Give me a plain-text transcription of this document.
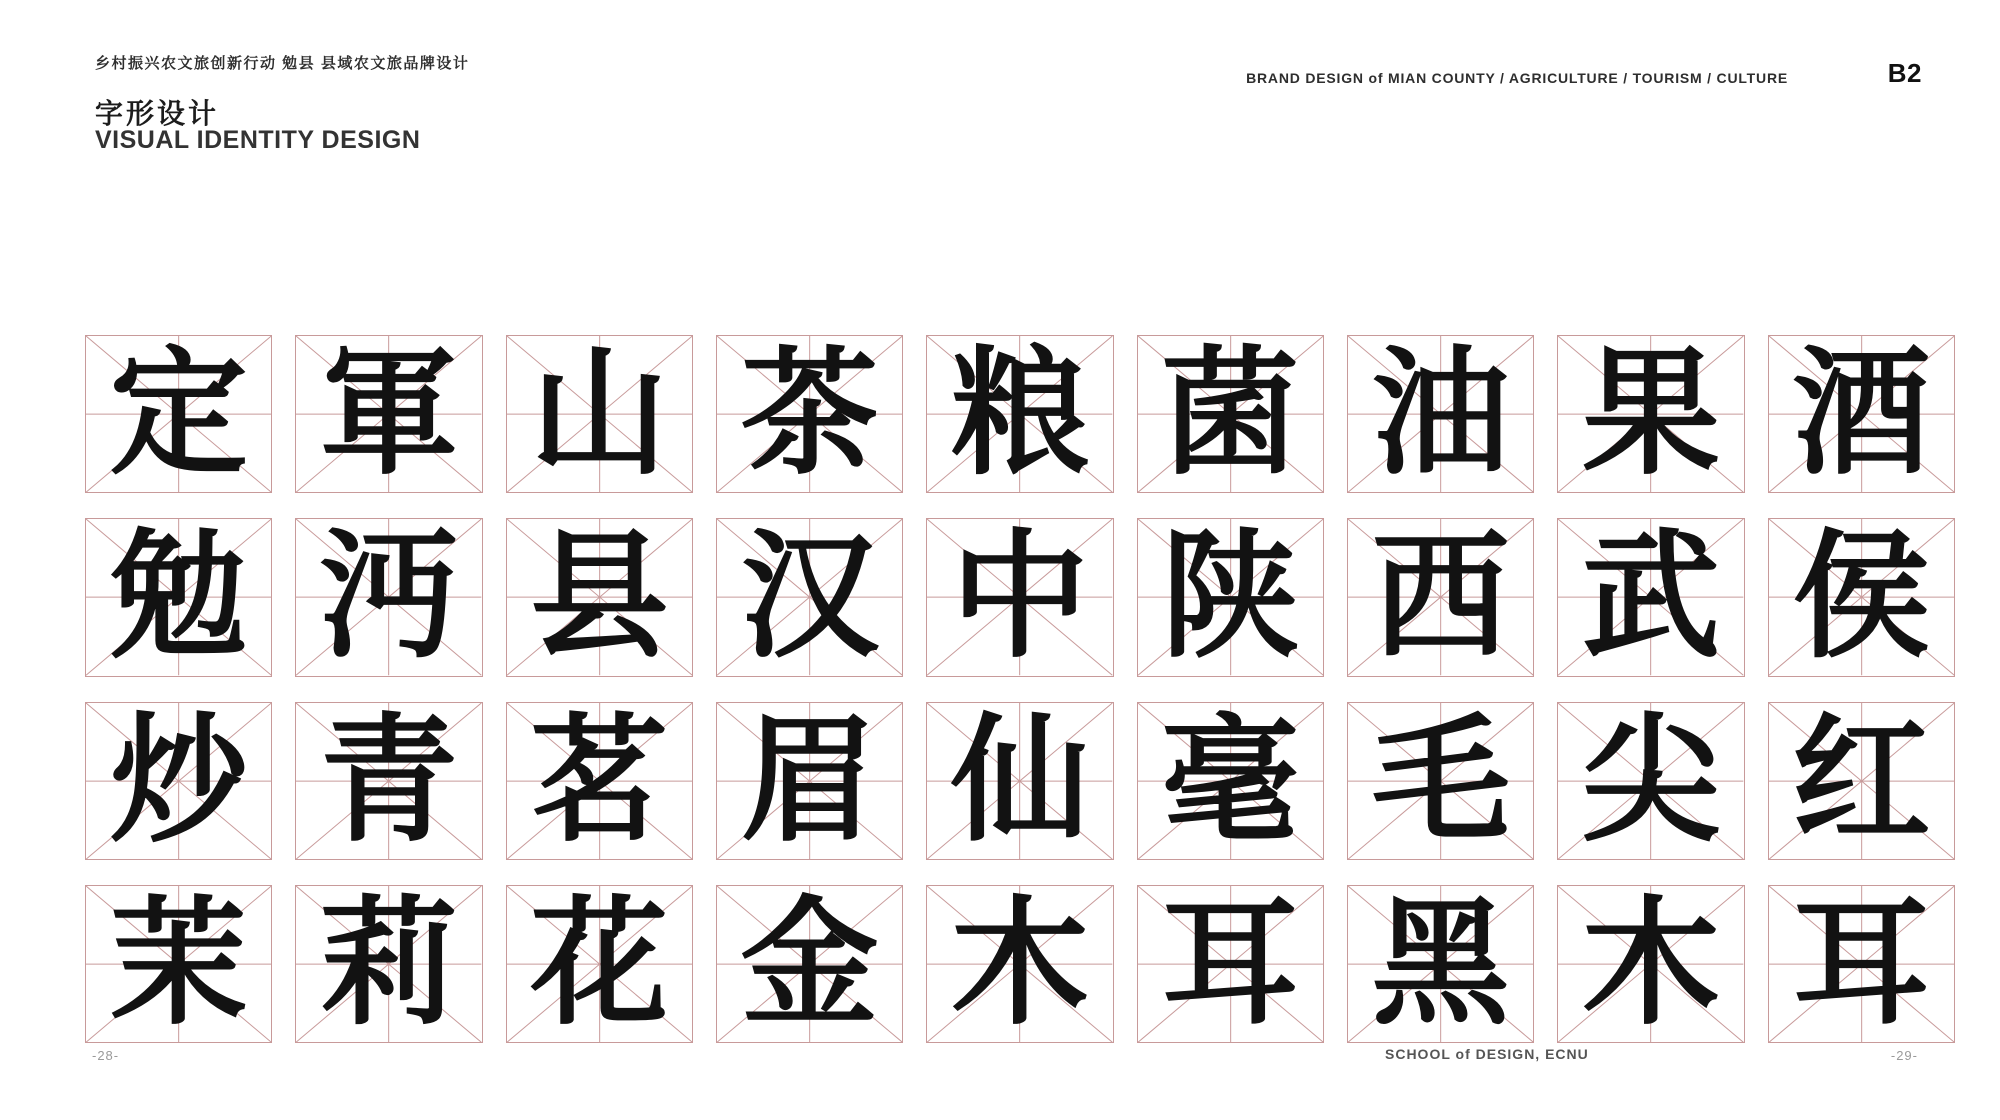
乡村振兴农文旅创新行动 勉县 县域农文旅品牌设计
BRAND DESIGN of MIAN COUNTY / AGRICULTURE / TOURISM / CULTURE	B2
字形设计
VISUAL IDENTITY DESIGN
定 軍 山 茶 粮 菌 油 果 酒
勉 沔 县 汉 中 陕 西 武 侯
炒 青 茗 眉 仙 毫 毛 尖 红
茉 莉 花 金 木 耳 黑 木 耳
-28-	SCHOOL of DESIGN, ECNU	-29-
